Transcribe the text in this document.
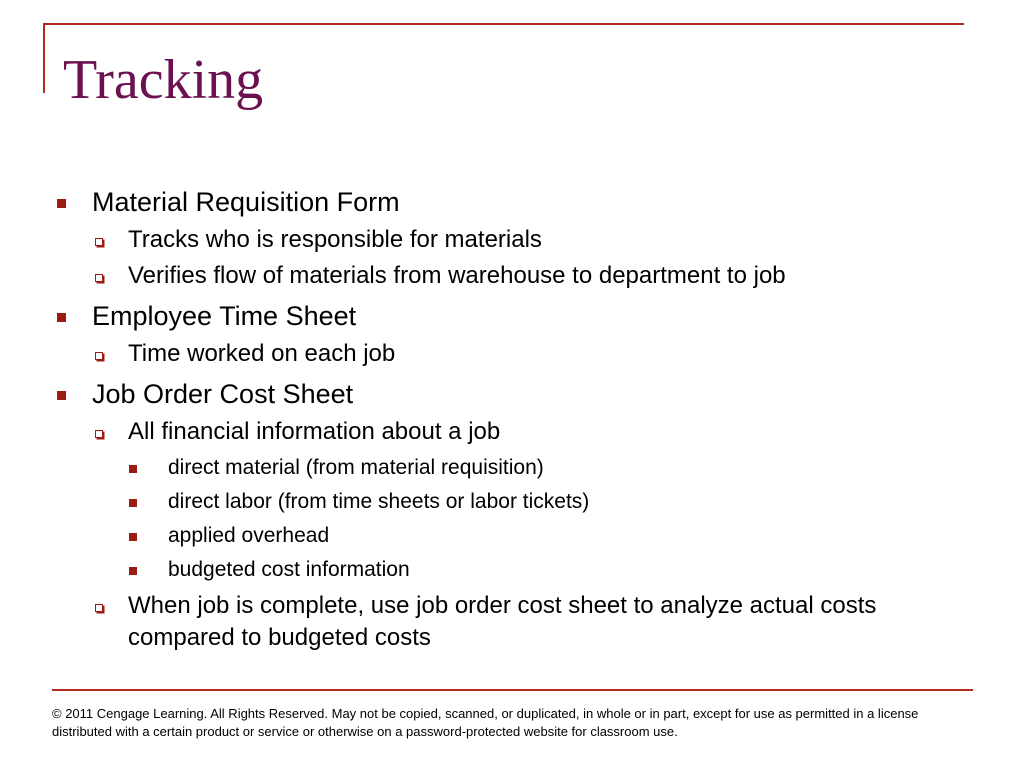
Tracking
Material Requisition Form
Tracks who is responsible for materials
Verifies flow of materials from warehouse to department to job
Employee Time Sheet
Time worked on each job
Job Order Cost Sheet
All financial information about a job
direct material (from material requisition)
direct labor (from time sheets or labor tickets)
applied overhead
budgeted cost information
When job is complete, use job order cost sheet to analyze actual costs compared to budgeted costs
© 2011 Cengage Learning. All Rights Reserved. May not be copied, scanned, or duplicated, in whole or in part, except for use as permitted in a license distributed with a certain product or service or otherwise on a password-protected website for classroom use.
